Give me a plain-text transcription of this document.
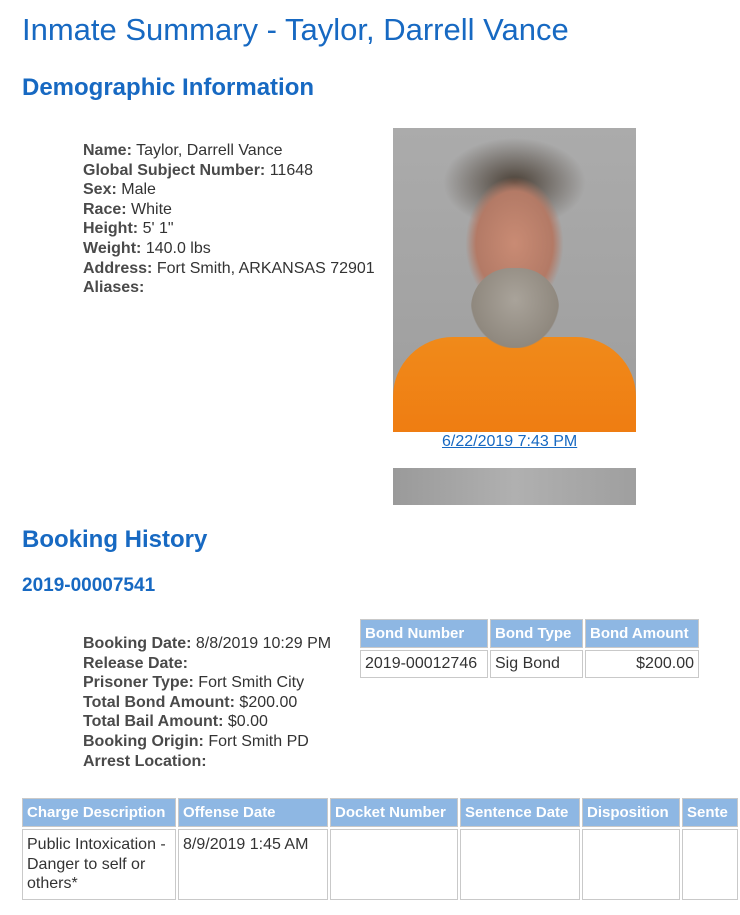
Inmate Summary - Taylor, Darrell Vance
Demographic Information
Name: Taylor, Darrell Vance
Global Subject Number: 11648
Sex: Male
Race: White
Height: 5' 1"
Weight: 140.0 lbs
Address: Fort Smith, ARKANSAS 72901
Aliases:
6/22/2019 7:43 PM
Booking History
2019-00007541
Booking Date: 8/8/2019 10:29 PM
Release Date:
Prisoner Type: Fort Smith City
Total Bond Amount: $200.00
Total Bail Amount: $0.00
Booking Origin: Fort Smith PD
Arrest Location:
Bond Number	Bond Type	Bond Amount
2019-00012746	Sig Bond	$200.00
Charge Description	Offense Date	Docket Number	Sentence Date	Disposition	Sente
Public Intoxication - Danger to self or others*	8/9/2019 1:45 AM				
